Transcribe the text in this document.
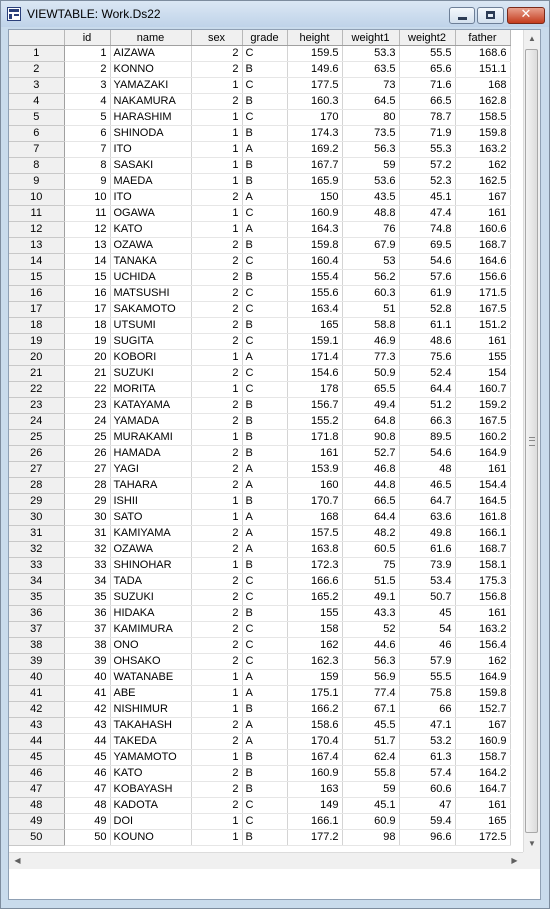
VIEWTABLE: Work.Ds22	✕
	id	name	sex	grade	height	weight1	weight2	father
1	1	AIZAWA	2	C	159.5	53.3	55.5	168.6
2	2	KONNO	2	B	149.6	63.5	65.6	151.1
3	3	YAMAZAKI	1	C	177.5	73	71.6	168
4	4	NAKAMURA	2	B	160.3	64.5	66.5	162.8
5	5	HARASHIM	1	C	170	80	78.7	158.5
6	6	SHINODA	1	B	174.3	73.5	71.9	159.8
7	7	ITO	1	A	169.2	56.3	55.3	163.2
8	8	SASAKI	1	B	167.7	59	57.2	162
9	9	MAEDA	1	B	165.9	53.6	52.3	162.5
10	10	ITO	2	A	150	43.5	45.1	167
11	11	OGAWA	1	C	160.9	48.8	47.4	161
12	12	KATO	1	A	164.3	76	74.8	160.6
13	13	OZAWA	2	B	159.8	67.9	69.5	168.7
14	14	TANAKA	2	C	160.4	53	54.6	164.6
15	15	UCHIDA	2	B	155.4	56.2	57.6	156.6
16	16	MATSUSHI	2	C	155.6	60.3	61.9	171.5
17	17	SAKAMOTO	2	C	163.4	51	52.8	167.5
18	18	UTSUMI	2	B	165	58.8	61.1	151.2
19	19	SUGITA	2	C	159.1	46.9	48.6	161
20	20	KOBORI	1	A	171.4	77.3	75.6	155
21	21	SUZUKI	2	C	154.6	50.9	52.4	154
22	22	MORITA	1	C	178	65.5	64.4	160.7
23	23	KATAYAMA	2	B	156.7	49.4	51.2	159.2
24	24	YAMADA	2	B	155.2	64.8	66.3	167.5
25	25	MURAKAMI	1	B	171.8	90.8	89.5	160.2
26	26	HAMADA	2	B	161	52.7	54.6	164.9
27	27	YAGI	2	A	153.9	46.8	48	161
28	28	TAHARA	2	A	160	44.8	46.5	154.4
29	29	ISHII	1	B	170.7	66.5	64.7	164.5
30	30	SATO	1	A	168	64.4	63.6	161.8
31	31	KAMIYAMA	2	A	157.5	48.2	49.8	166.1
32	32	OZAWA	2	A	163.8	60.5	61.6	168.7
33	33	SHINOHAR	1	B	172.3	75	73.9	158.1
34	34	TADA	2	C	166.6	51.5	53.4	175.3
35	35	SUZUKI	2	C	165.2	49.1	50.7	156.8
36	36	HIDAKA	2	B	155	43.3	45	161
37	37	KAMIMURA	2	C	158	52	54	163.2
38	38	ONO	2	C	162	44.6	46	156.4
39	39	OHSAKO	2	C	162.3	56.3	57.9	162
40	40	WATANABE	1	A	159	56.9	55.5	164.9
41	41	ABE	1	A	175.1	77.4	75.8	159.8
42	42	NISHIMUR	1	B	166.2	67.1	66	152.7
43	43	TAKAHASH	2	A	158.6	45.5	47.1	167
44	44	TAKEDA	2	A	170.4	51.7	53.2	160.9
45	45	YAMAMOTO	1	B	167.4	62.4	61.3	158.7
46	46	KATO	2	B	160.9	55.8	57.4	164.2
47	47	KOBAYASH	2	B	163	59	60.6	164.7
48	48	KADOTA	2	C	149	45.1	47	161
49	49	DOI	1	C	166.1	60.9	59.4	165
50	50	KOUNO	1	B	177.2	98	96.6	172.5
▲
▼
◀	▶
